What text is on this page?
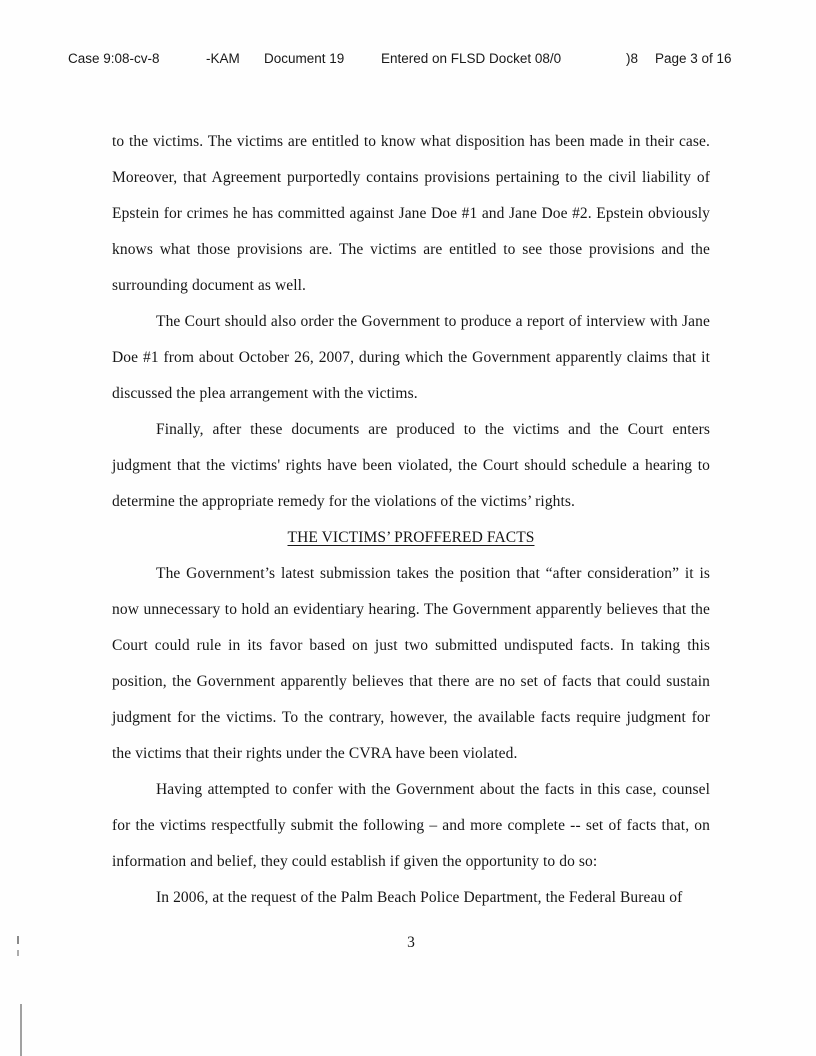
Case 9:08-cv-8	-KAM Document 19	Entered on FLSD Docket 08/0	)8 Page 3 of 16

to the victims. The victims are entitled to know what disposition has been made in their case. Moreover, that Agreement purportedly contains provisions pertaining to the civil liability of Epstein for crimes he has committed against Jane Doe #1 and Jane Doe #2. Epstein obviously knows what those provisions are. The victims are entitled to see those provisions and the surrounding document as well.

The Court should also order the Government to produce a report of interview with Jane Doe #1 from about October 26, 2007, during which the Government apparently claims that it discussed the plea arrangement with the victims.

Finally, after these documents are produced to the victims and the Court enters judgment that the victims' rights have been violated, the Court should schedule a hearing to determine the appropriate remedy for the violations of the victims’ rights.

THE VICTIMS’ PROFFERED FACTS

The Government’s latest submission takes the position that “after consideration” it is now unnecessary to hold an evidentiary hearing. The Government apparently believes that the Court could rule in its favor based on just two submitted undisputed facts. In taking this position, the Government apparently believes that there are no set of facts that could sustain judgment for the victims. To the contrary, however, the available facts require judgment for the victims that their rights under the CVRA have been violated.

Having attempted to confer with the Government about the facts in this case, counsel for the victims respectfully submit the following – and more complete -- set of facts that, on information and belief, they could establish if given the opportunity to do so:

In 2006, at the request of the Palm Beach Police Department, the Federal Bureau of

3
